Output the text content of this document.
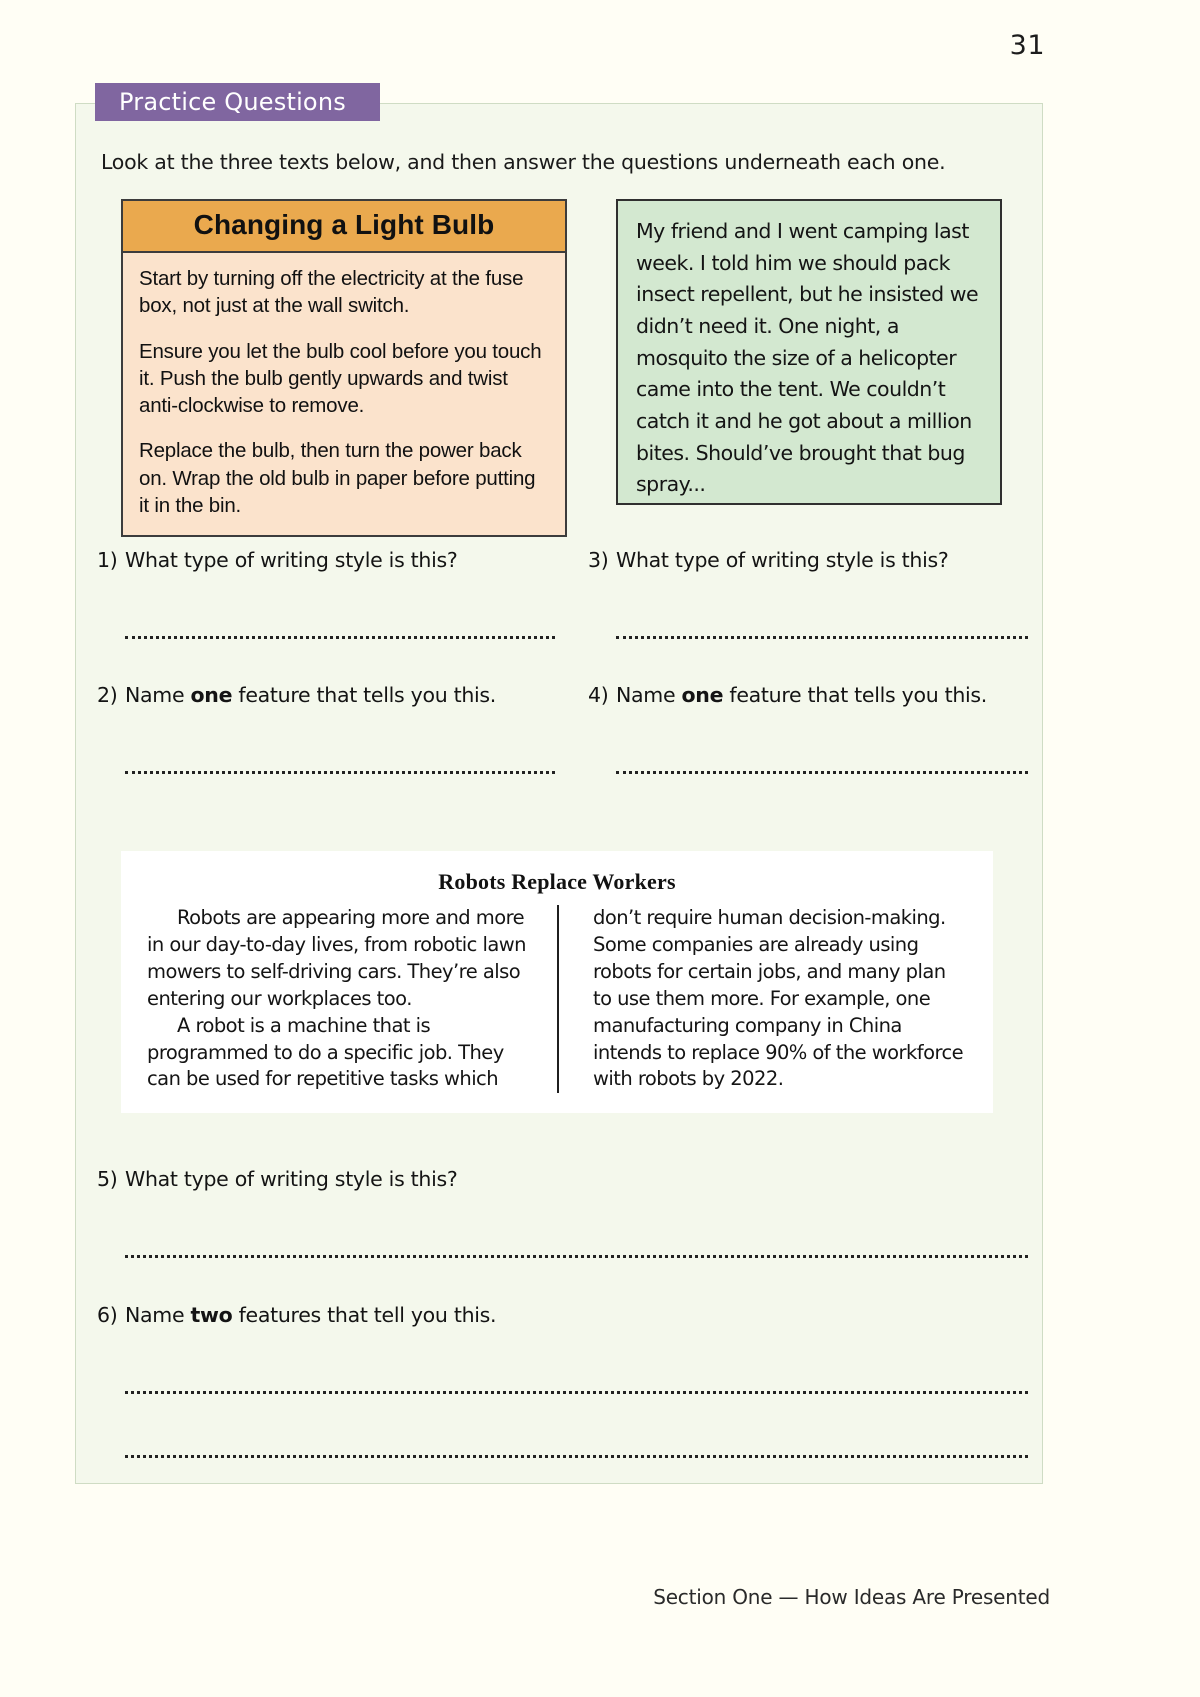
31
Practice Questions
Look at the three texts below, and then answer the questions underneath each one.
Changing a Light Bulb

Start by turning off the electricity at the fuse box, not just at the wall switch.

Ensure you let the bulb cool before you touch it. Push the bulb gently upwards and twist anti-clockwise to remove.

Replace the bulb, then turn the power back on. Wrap the old bulb in paper before putting it in the bin.

My friend and I went camping last week. I told him we should pack insect repellent, but he insisted we didn’t need it. One night, a mosquito the size of a helicopter came into the tent. We couldn’t catch it and he got about a million bites. Should’ve brought that bug spray...

1) What type of writing style is this?
2) Name one feature that tells you this.
3) What type of writing style is this?
4) Name one feature that tells you this.
Robots Replace Workers

Robots are appearing more and more in our day-to-day lives, from robotic lawn mowers to self-driving cars. They’re also entering our workplaces too.

A robot is a machine that is programmed to do a specific job. They can be used for repetitive tasks which

don’t require human decision-making. Some companies are already using robots for certain jobs, and many plan to use them more. For example, one manufacturing company in China intends to replace 90% of the workforce with robots by 2022.

5) What type of writing style is this?
6) Name two features that tell you this.
Section One — How Ideas Are Presented
